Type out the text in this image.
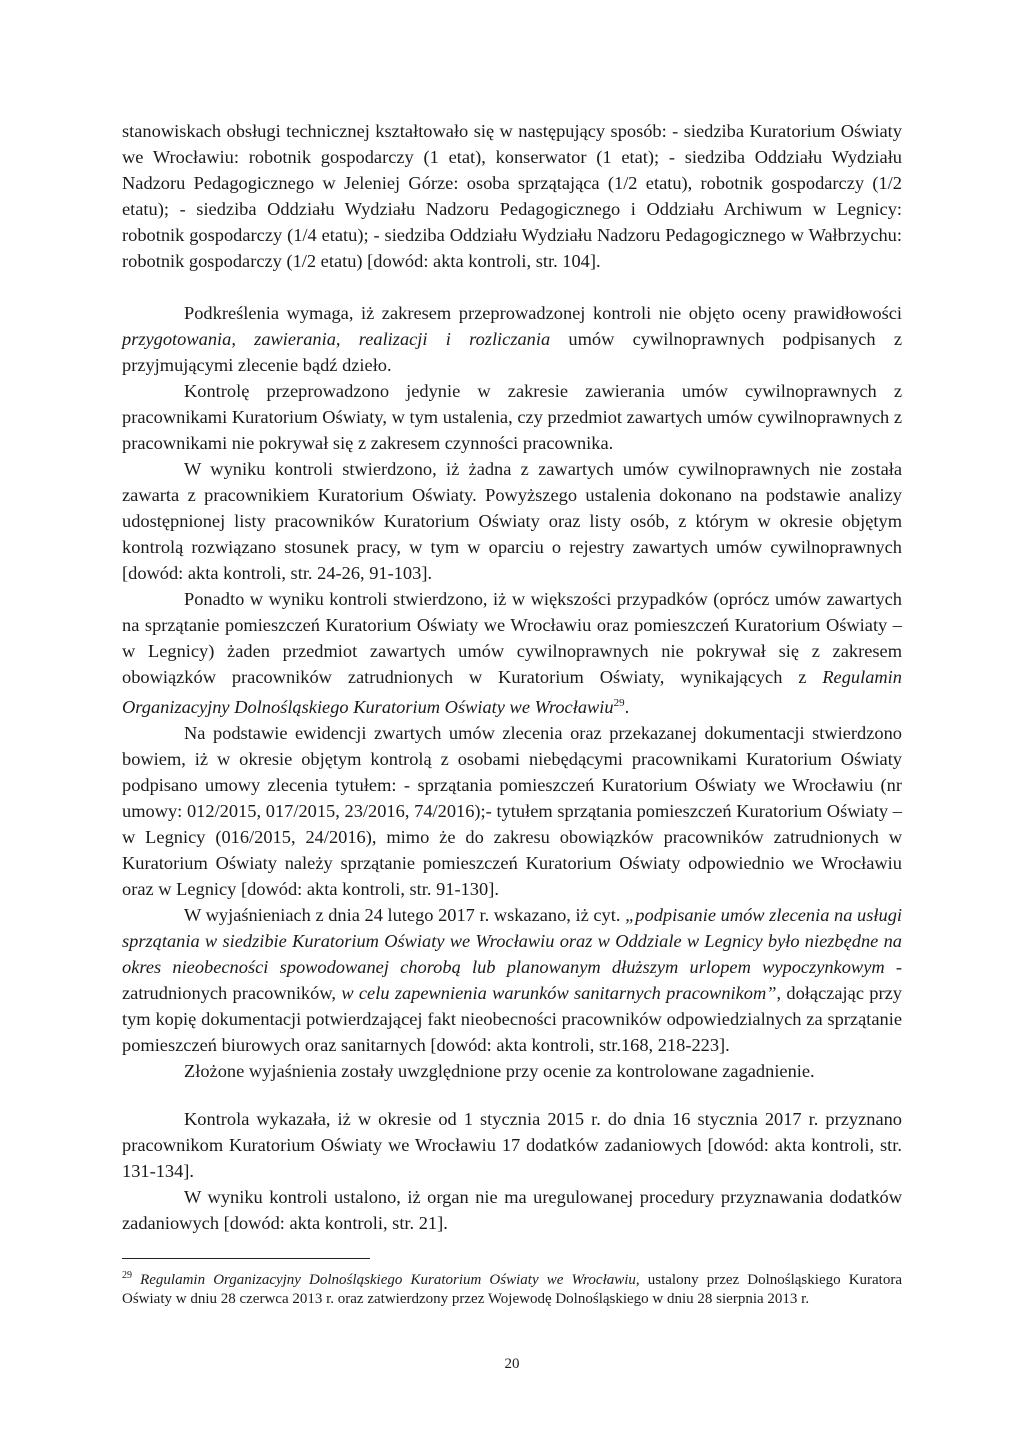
stanowiskach obsługi technicznej kształtowało się w następujący sposób: - siedziba Kuratorium Oświaty we Wrocławiu: robotnik gospodarczy (1 etat), konserwator (1 etat); - siedziba Oddziału Wydziału Nadzoru Pedagogicznego w Jeleniej Górze: osoba sprzątająca (1/2 etatu), robotnik gospodarczy (1/2 etatu); - siedziba Oddziału Wydziału Nadzoru Pedagogicznego i Oddziału Archiwum w Legnicy: robotnik gospodarczy (1/4 etatu); - siedziba Oddziału Wydziału Nadzoru Pedagogicznego w Wałbrzychu: robotnik gospodarczy (1/2 etatu) [dowód: akta kontroli, str. 104].

Podkreślenia wymaga, iż zakresem przeprowadzonej kontroli nie objęto oceny prawidłowości przygotowania, zawierania, realizacji i rozliczania umów cywilnoprawnych podpisanych z przyjmującymi zlecenie bądź dzieło.

Kontrolę przeprowadzono jedynie w zakresie zawierania umów cywilnoprawnych z pracownikami Kuratorium Oświaty, w tym ustalenia, czy przedmiot zawartych umów cywilnoprawnych z pracownikami nie pokrywał się z zakresem czynności pracownika.

W wyniku kontroli stwierdzono, iż żadna z zawartych umów cywilnoprawnych nie została zawarta z pracownikiem Kuratorium Oświaty. Powyższego ustalenia dokonano na podstawie analizy udostępnionej listy pracowników Kuratorium Oświaty oraz listy osób, z którym w okresie objętym kontrolą rozwiązano stosunek pracy, w tym w oparciu o rejestry zawartych umów cywilnoprawnych [dowód: akta kontroli, str. 24-26, 91-103].

Ponadto w wyniku kontroli stwierdzono, iż w większości przypadków (oprócz umów zawartych na sprzątanie pomieszczeń Kuratorium Oświaty we Wrocławiu oraz pomieszczeń Kuratorium Oświaty – w Legnicy) żaden przedmiot zawartych umów cywilnoprawnych nie pokrywał się z zakresem obowiązków pracowników zatrudnionych w Kuratorium Oświaty, wynikających z Regulamin Organizacyjny Dolnośląskiego Kuratorium Oświaty we Wrocławiu$^{29}$.

Na podstawie ewidencji zwartych umów zlecenia oraz przekazanej dokumentacji stwierdzono bowiem, iż w okresie objętym kontrolą z osobami niebędącymi pracownikami Kuratorium Oświaty podpisano umowy zlecenia tytułem: - sprzątania pomieszczeń Kuratorium Oświaty we Wrocławiu (nr umowy: 012/2015, 017/2015, 23/2016, 74/2016);- tytułem sprzątania pomieszczeń Kuratorium Oświaty – w Legnicy (016/2015, 24/2016), mimo że do zakresu obowiązków pracowników zatrudnionych w Kuratorium Oświaty należy sprzątanie pomieszczeń Kuratorium Oświaty odpowiednio we Wrocławiu oraz w Legnicy [dowód: akta kontroli, str. 91-130].

W wyjaśnieniach z dnia 24 lutego 2017 r. wskazano, iż cyt. „podpisanie umów zlecenia na usługi sprzątania w siedzibie Kuratorium Oświaty we Wrocławiu oraz w Oddziale w Legnicy było niezbędne na okres nieobecności spowodowanej chorobą lub planowanym dłuższym urlopem wypoczynkowym - zatrudnionych pracowników, w celu zapewnienia warunków sanitarnych pracownikom”, dołączając przy tym kopię dokumentacji potwierdzającej fakt nieobecności pracowników odpowiedzialnych za sprzątanie pomieszczeń biurowych oraz sanitarnych [dowód: akta kontroli, str.168, 218-223].

Złożone wyjaśnienia zostały uwzględnione przy ocenie za kontrolowane zagadnienie.

Kontrola wykazała, iż w okresie od 1 stycznia 2015 r. do dnia 16 stycznia 2017 r. przyznano pracownikom Kuratorium Oświaty we Wrocławiu 17 dodatków zadaniowych [dowód: akta kontroli, str. 131-134].

W wyniku kontroli ustalono, iż organ nie ma uregulowanej procedury przyznawania dodatków zadaniowych [dowód: akta kontroli, str. 21].

$^{29}$ Regulamin Organizacyjny Dolnośląskiego Kuratorium Oświaty we Wrocławiu, ustalony przez Dolnośląskiego Kuratora Oświaty w dniu 28 czerwca 2013 r. oraz zatwierdzony przez Wojewodę Dolnośląskiego w dniu 28 sierpnia 2013 r.

20
